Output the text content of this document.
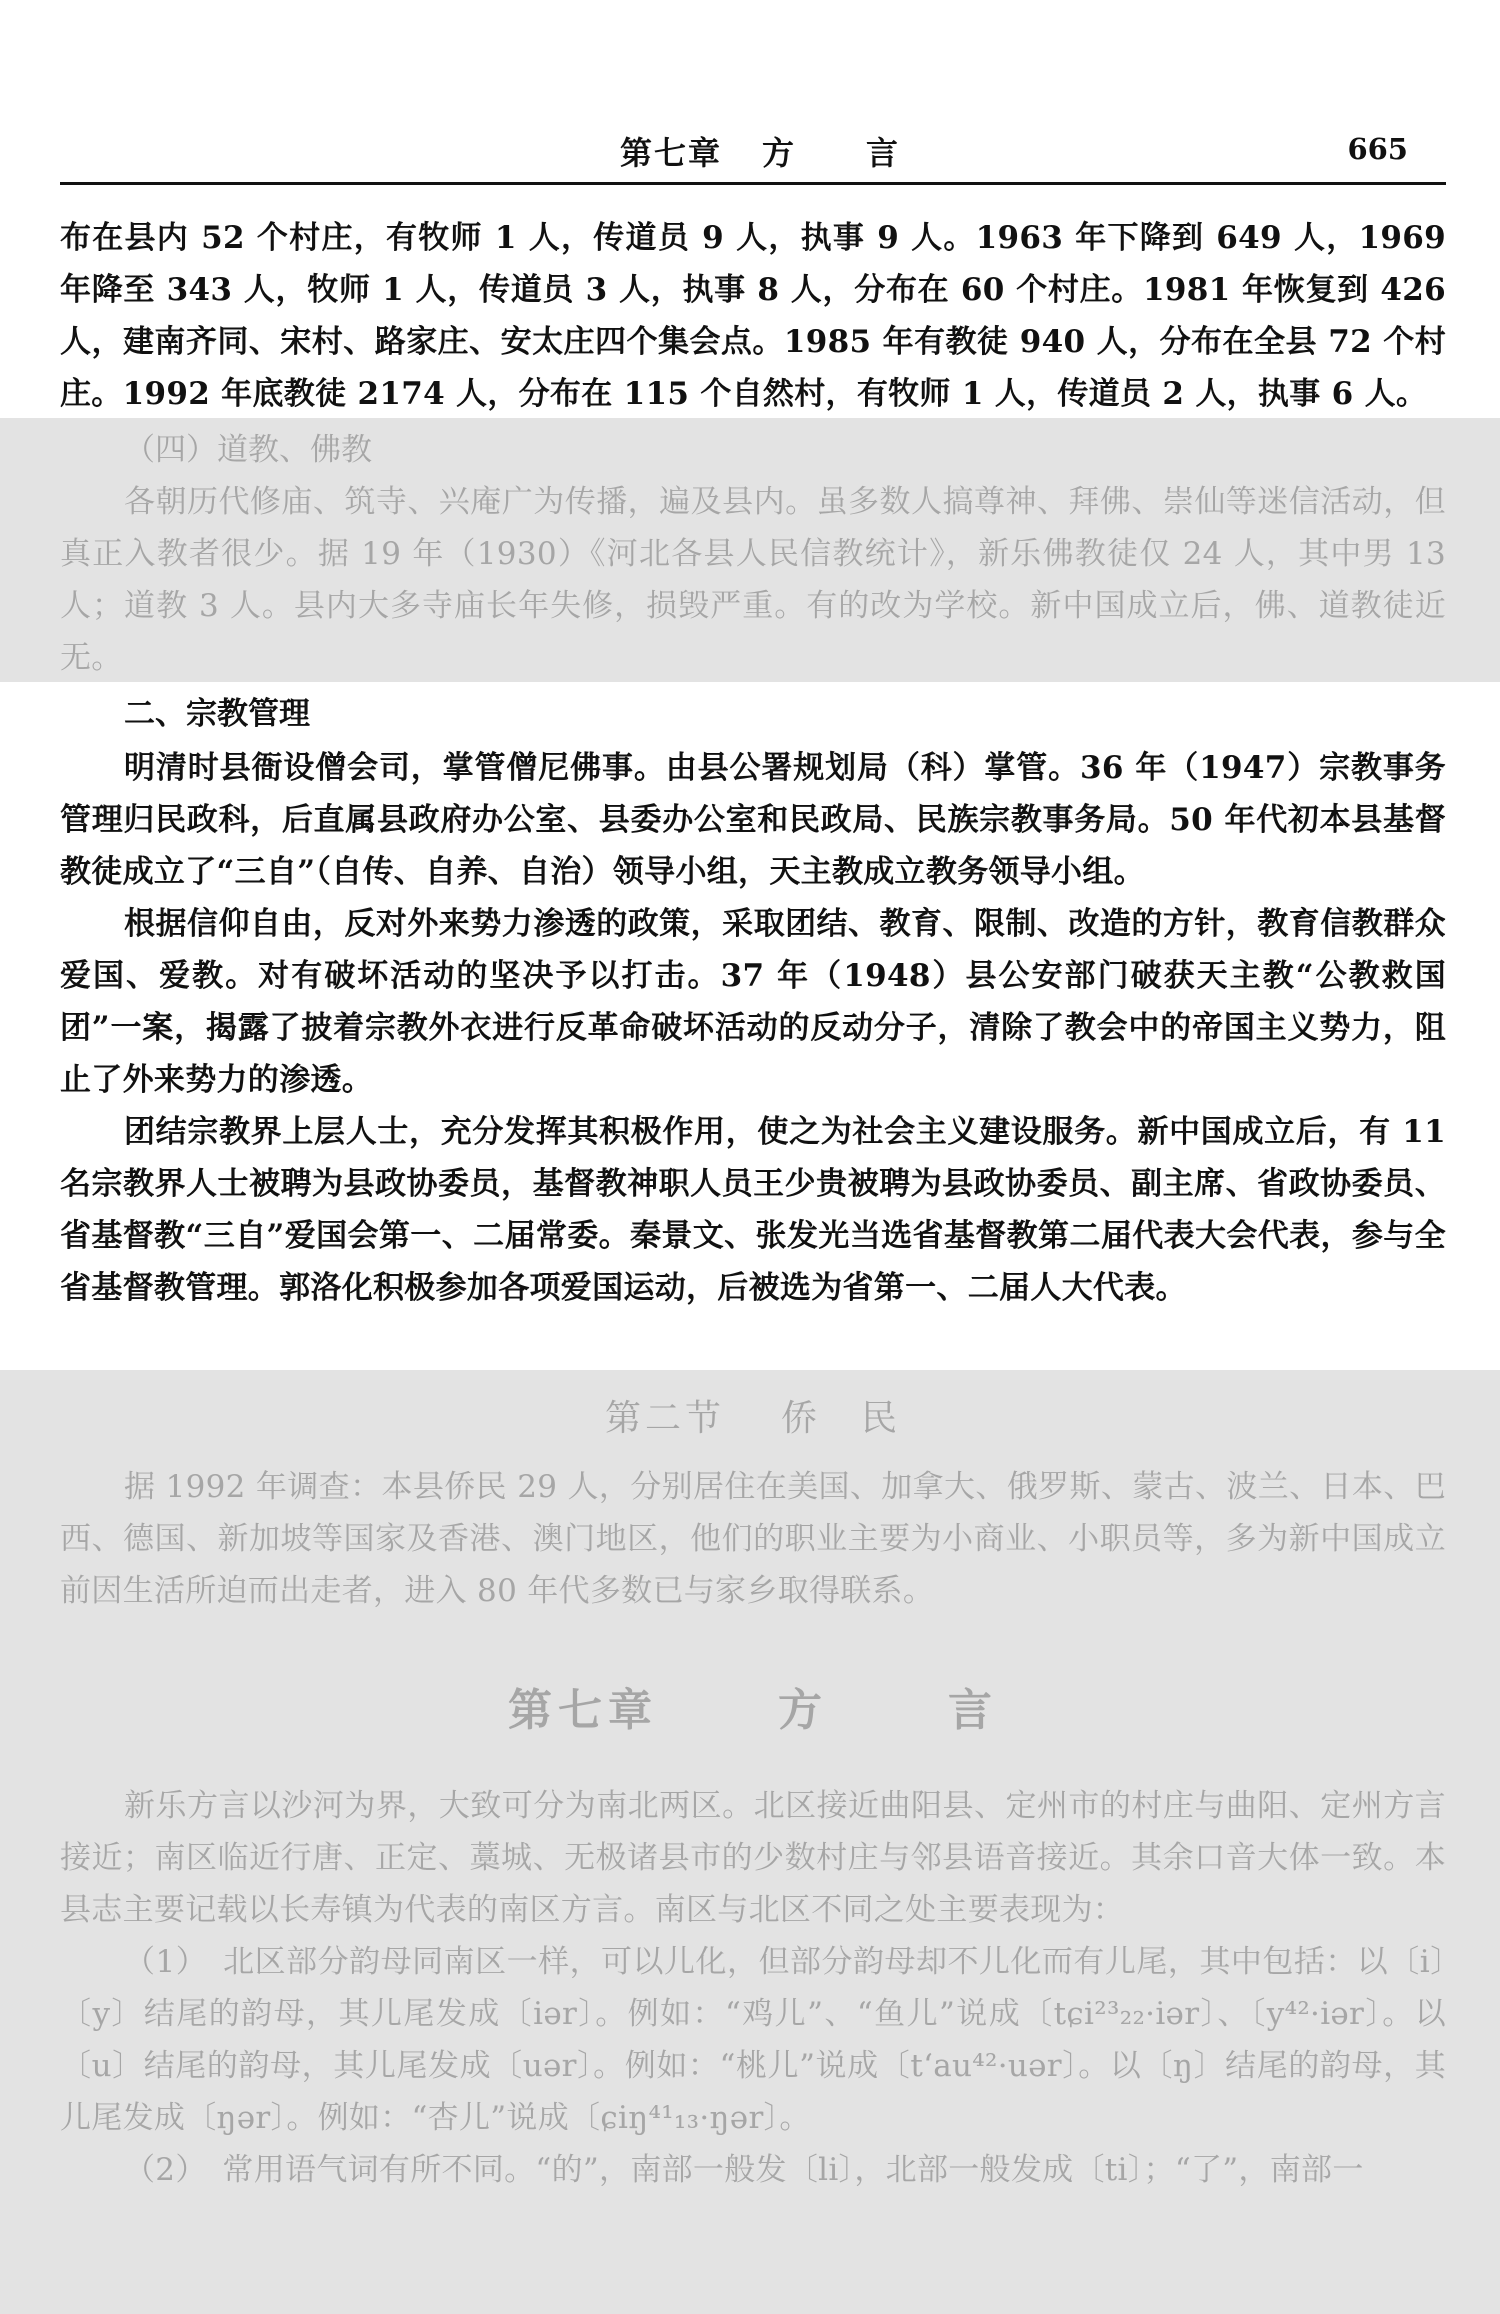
第七章 方 言	665

布在县内 52 个村庄，有牧师 1 人，传道员 9 人，执事 9 人。1963 年下降到 649 人，1969 年降至 343 人，牧师 1 人，传道员 3 人，执事 8 人，分布在 60 个村庄。1981 年恢复到 426 人，建南齐同、宋村、路家庄、安太庄四个集会点。1985 年有教徒 940 人，分布在全县 72 个村庄。1992 年底教徒 2174 人，分布在 115 个自然村，有牧师 1 人，传道员 2 人，执事 6 人。

（四）道教、佛教

各朝历代修庙、筑寺、兴庵广为传播，遍及县内。虽多数人搞尊神、拜佛、崇仙等迷信活动，但真正入教者很少。据 19 年（1930）《河北各县人民信教统计》，新乐佛教徒仅 24 人，其中男 13 人；道教 3 人。县内大多寺庙长年失修，损毁严重。有的改为学校。新中国成立后，佛、道教徒近无。

二、宗教管理

明清时县衙设僧会司，掌管僧尼佛事。由县公署规划局（科）掌管。36 年（1947）宗教事务管理归民政科，后直属县政府办公室、县委办公室和民政局、民族宗教事务局。50 年代初本县基督教徒成立了“三自”（自传、自养、自治）领导小组，天主教成立教务领导小组。

根据信仰自由，反对外来势力渗透的政策，采取团结、教育、限制、改造的方针，教育信教群众爱国、爱教。对有破坏活动的坚决予以打击。37 年（1948）县公安部门破获天主教“公教救国团”一案，揭露了披着宗教外衣进行反革命破坏活动的反动分子，清除了教会中的帝国主义势力，阻止了外来势力的渗透。

团结宗教界上层人士，充分发挥其积极作用，使之为社会主义建设服务。新中国成立后，有 11 名宗教界人士被聘为县政协委员，基督教神职人员王少贵被聘为县政协委员、副主席、省政协委员、省基督教“三自”爱国会第一、二届常委。秦景文、张发光当选省基督教第二届代表大会代表，参与全省基督教管理。郭洛化积极参加各项爱国运动，后被选为省第一、二届人大代表。

第二节 侨　民

据 1992 年调查：本县侨民 29 人，分别居住在美国、加拿大、俄罗斯、蒙古、波兰、日本、巴西、德国、新加坡等国家及香港、澳门地区，他们的职业主要为小商业、小职员等，多为新中国成立前因生活所迫而出走者，进入 80 年代多数已与家乡取得联系。

第七章	方	言

新乐方言以沙河为界，大致可分为南北两区。北区接近曲阳县、定州市的村庄与曲阳、定州方言接近；南区临近行唐、正定、藁城、无极诸县市的少数村庄与邻县语音接近。其余口音大体一致。本县志主要记载以长寿镇为代表的南区方言。南区与北区不同之处主要表现为：

（1）　北区部分韵母同南区一样，可以儿化，但部分韵母却不儿化而有儿尾，其中包括：以〔i〕〔y〕结尾的韵母，其儿尾发成〔iər〕。例如：“鸡儿”、“鱼儿”说成〔tɕi²³₂₂·iər〕、〔y⁴²·iər〕。以〔u〕结尾的韵母，其儿尾发成〔uər〕。例如：“桃儿”说成〔tʻau⁴²·uər〕。以〔ŋ〕结尾的韵母，其儿尾发成〔ŋər〕。例如：“杏儿”说成〔ɕiŋ⁴¹₁₃·ŋər〕。

（2）　常用语气词有所不同。“的”，南部一般发〔li〕，北部一般发成〔ti〕；“了”，南部一
